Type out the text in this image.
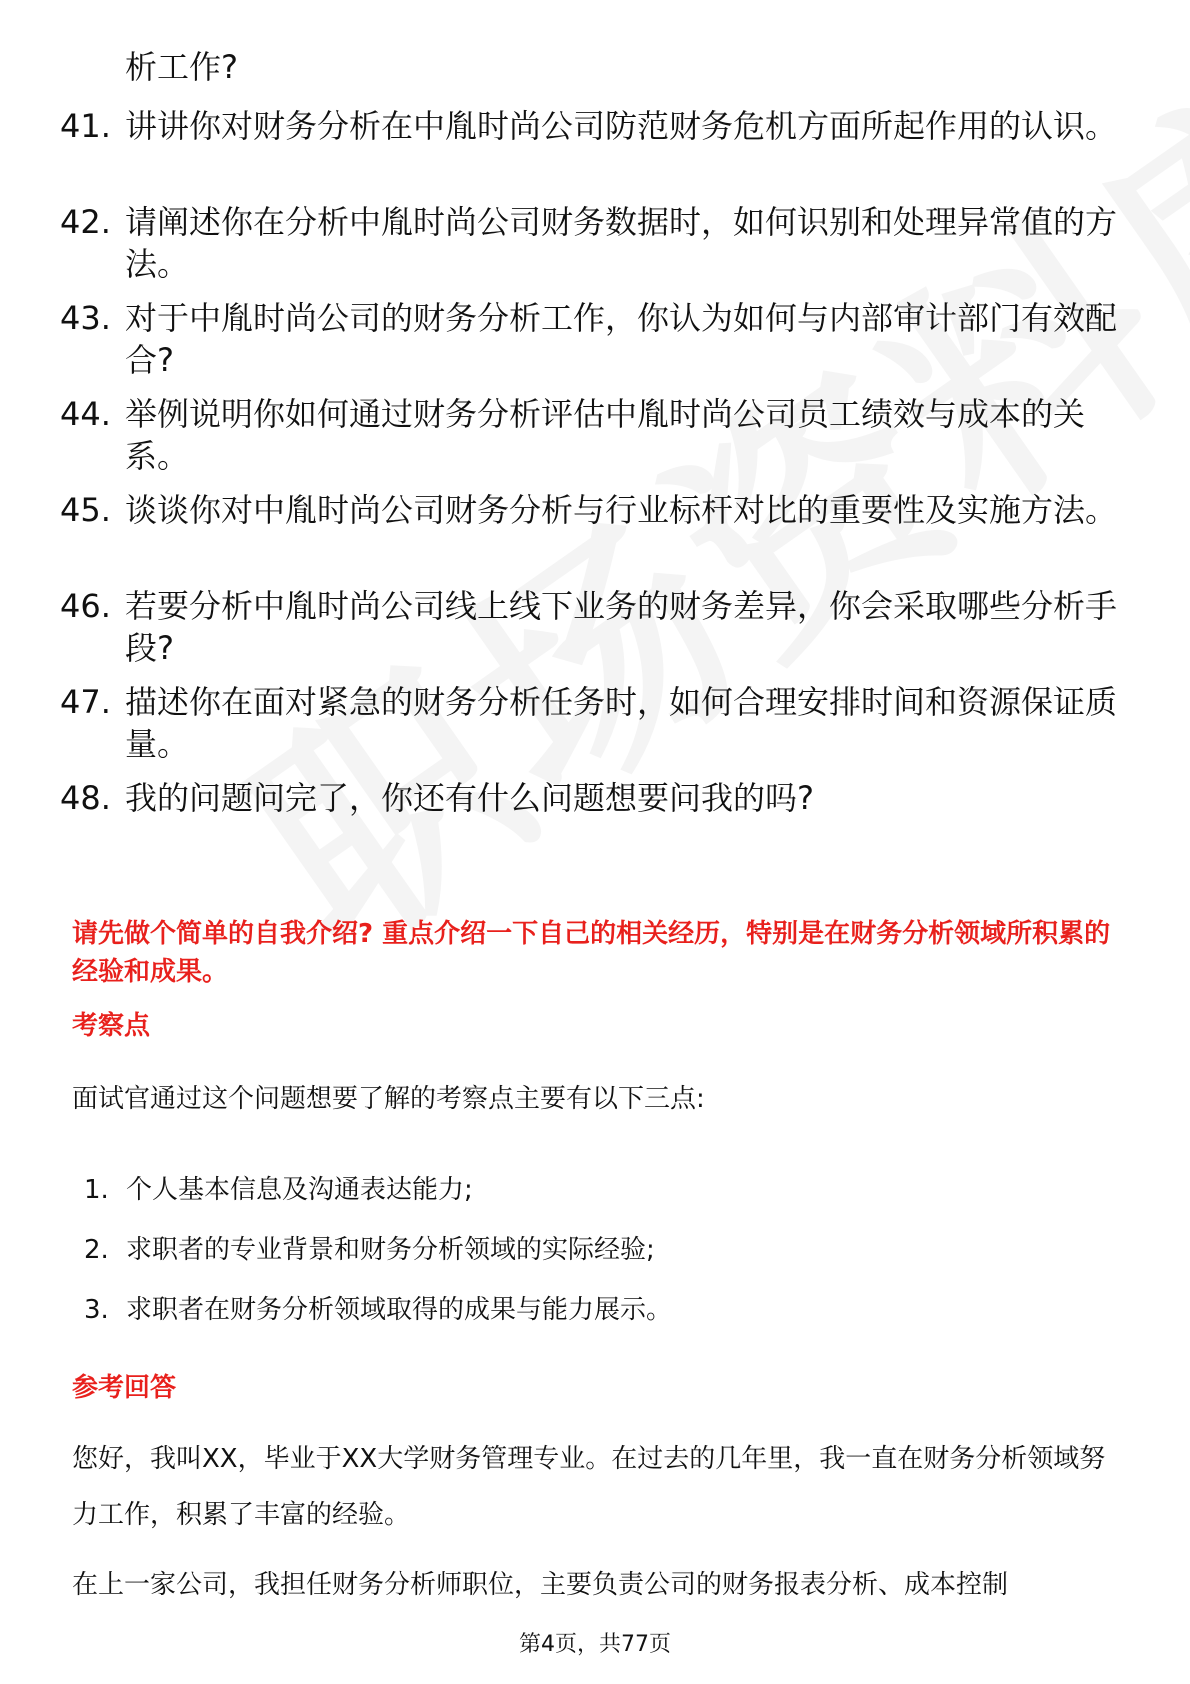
析工作?
41. 讲讲你对财务分析在中胤时尚公司防范财务危机方面所起作用的认识。
42. 请阐述你在分析中胤时尚公司财务数据时，如何识别和处理异常值的方法。
43. 对于中胤时尚公司的财务分析工作，你认为如何与内部审计部门有效配合?
44. 举例说明你如何通过财务分析评估中胤时尚公司员工绩效与成本的关系。
45. 谈谈你对中胤时尚公司财务分析与行业标杆对比的重要性及实施方法。
46. 若要分析中胤时尚公司线上线下业务的财务差异，你会采取哪些分析手段?
47. 描述你在面对紧急的财务分析任务时，如何合理安排时间和资源保证质量。
48. 我的问题问完了，你还有什么问题想要问我的吗?
请先做个简单的自我介绍? 重点介绍一下自己的相关经历，特别是在财务分析领域所积累的经验和成果。
考察点
面试官通过这个问题想要了解的考察点主要有以下三点:
1. 个人基本信息及沟通表达能力;
2. 求职者的专业背景和财务分析领域的实际经验;
3. 求职者在财务分析领域取得的成果与能力展示。
参考回答
您好，我叫XX，毕业于XX大学财务管理专业。在过去的几年里，我一直在财务分析领域努力工作，积累了丰富的经验。
在上一家公司，我担任财务分析师职位，主要负责公司的财务报表分析、成本控制
第4页，共77页
